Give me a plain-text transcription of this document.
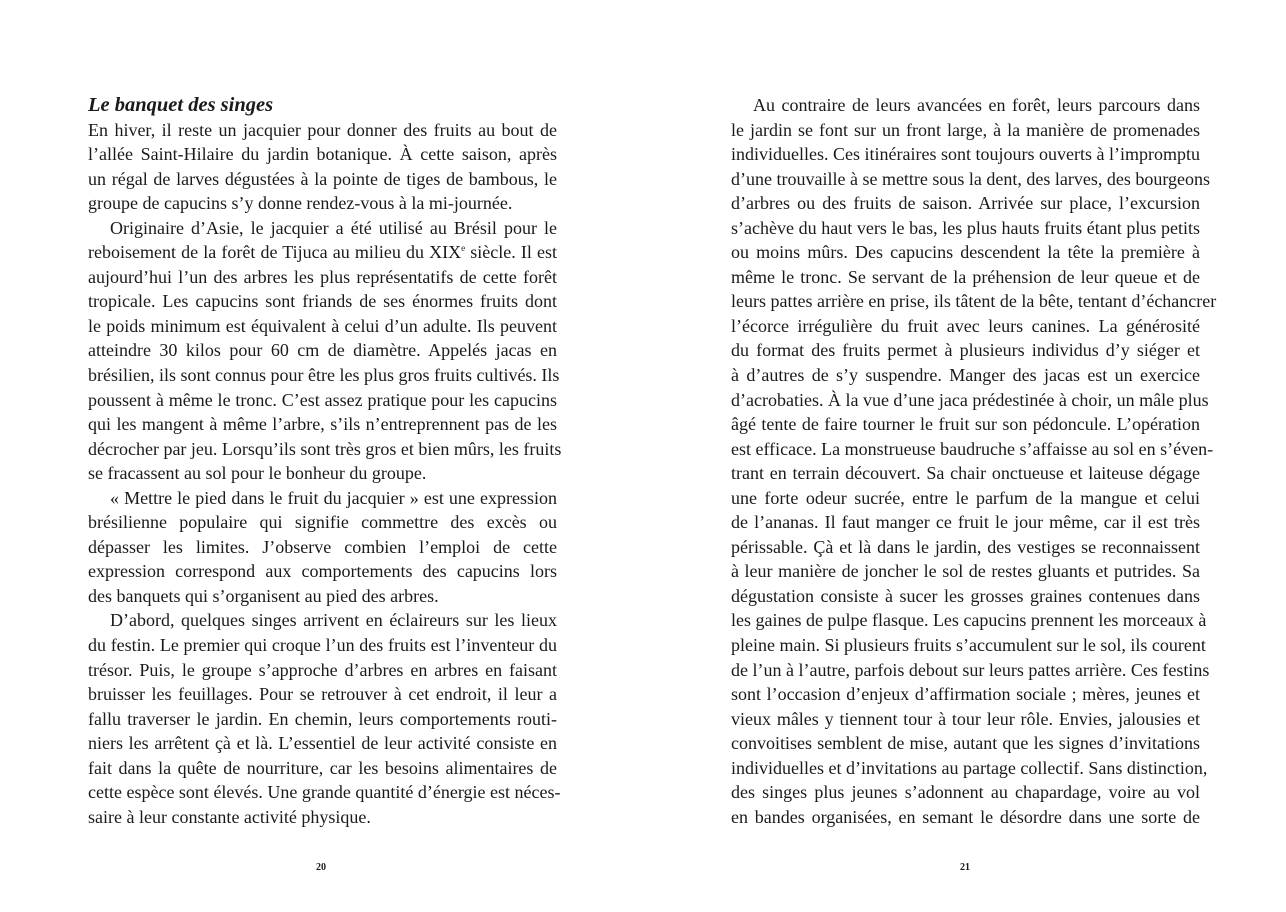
Le banquet des singes
En hiver, il reste un jacquier pour donner des fruits au bout de
l’allée Saint-Hilaire du jardin botanique. À cette saison, après
un régal de larves dégustées à la pointe de tiges de bambous, le
groupe de capucins s’y donne rendez-vous à la mi-journée.
Originaire d’Asie, le jacquier a été utilisé au Brésil pour le
reboisement de la forêt de Tijuca au milieu du XIXe siècle. Il est
aujourd’hui l’un des arbres les plus représentatifs de cette forêt
tropicale. Les capucins sont friands de ses énormes fruits dont
le poids minimum est équivalent à celui d’un adulte. Ils peuvent
atteindre 30 kilos pour 60 cm de diamètre. Appelés jacas en
brésilien, ils sont connus pour être les plus gros fruits cultivés. Ils
poussent à même le tronc. C’est assez pratique pour les capucins
qui les mangent à même l’arbre, s’ils n’entreprennent pas de les
décrocher par jeu. Lorsqu’ils sont très gros et bien mûrs, les fruits
se fracassent au sol pour le bonheur du groupe.
« Mettre le pied dans le fruit du jacquier » est une expression
brésilienne populaire qui signifie commettre des excès ou
dépasser les limites. J’observe combien l’emploi de cette
expression correspond aux comportements des capucins lors
des banquets qui s’organisent au pied des arbres.
D’abord, quelques singes arrivent en éclaireurs sur les lieux
du festin. Le premier qui croque l’un des fruits est l’inventeur du
trésor. Puis, le groupe s’approche d’arbres en arbres en faisant
bruisser les feuillages. Pour se retrouver à cet endroit, il leur a
fallu traverser le jardin. En chemin, leurs comportements routi-
niers les arrêtent çà et là. L’essentiel de leur activité consiste en
fait dans la quête de nourriture, car les besoins alimentaires de
cette espèce sont élevés. Une grande quantité d’énergie est néces-
saire à leur constante activité physique.
20
Au contraire de leurs avancées en forêt, leurs parcours dans
le jardin se font sur un front large, à la manière de promenades
individuelles. Ces itinéraires sont toujours ouverts à l’impromptu
d’une trouvaille à se mettre sous la dent, des larves, des bourgeons
d’arbres ou des fruits de saison. Arrivée sur place, l’excursion
s’achève du haut vers le bas, les plus hauts fruits étant plus petits
ou moins mûrs. Des capucins descendent la tête la première à
même le tronc. Se servant de la préhension de leur queue et de
leurs pattes arrière en prise, ils tâtent de la bête, tentant d’échancrer
l’écorce irrégulière du fruit avec leurs canines. La générosité
du format des fruits permet à plusieurs individus d’y siéger et
à d’autres de s’y suspendre. Manger des jacas est un exercice
d’acrobaties. À la vue d’une jaca prédestinée à choir, un mâle plus
âgé tente de faire tourner le fruit sur son pédoncule. L’opération
est efficace. La monstrueuse baudruche s’affaisse au sol en s’éven-
trant en terrain découvert. Sa chair onctueuse et laiteuse dégage
une forte odeur sucrée, entre le parfum de la mangue et celui
de l’ananas. Il faut manger ce fruit le jour même, car il est très
périssable. Çà et là dans le jardin, des vestiges se reconnaissent
à leur manière de joncher le sol de restes gluants et putrides. Sa
dégustation consiste à sucer les grosses graines contenues dans
les gaines de pulpe flasque. Les capucins prennent les morceaux à
pleine main. Si plusieurs fruits s’accumulent sur le sol, ils courent
de l’un à l’autre, parfois debout sur leurs pattes arrière. Ces festins
sont l’occasion d’enjeux d’affirmation sociale ; mères, jeunes et
vieux mâles y tiennent tour à tour leur rôle. Envies, jalousies et
convoitises semblent de mise, autant que les signes d’invitations
individuelles et d’invitations au partage collectif. Sans distinction,
des singes plus jeunes s’adonnent au chapardage, voire au vol
en bandes organisées, en semant le désordre dans une sorte de
21
